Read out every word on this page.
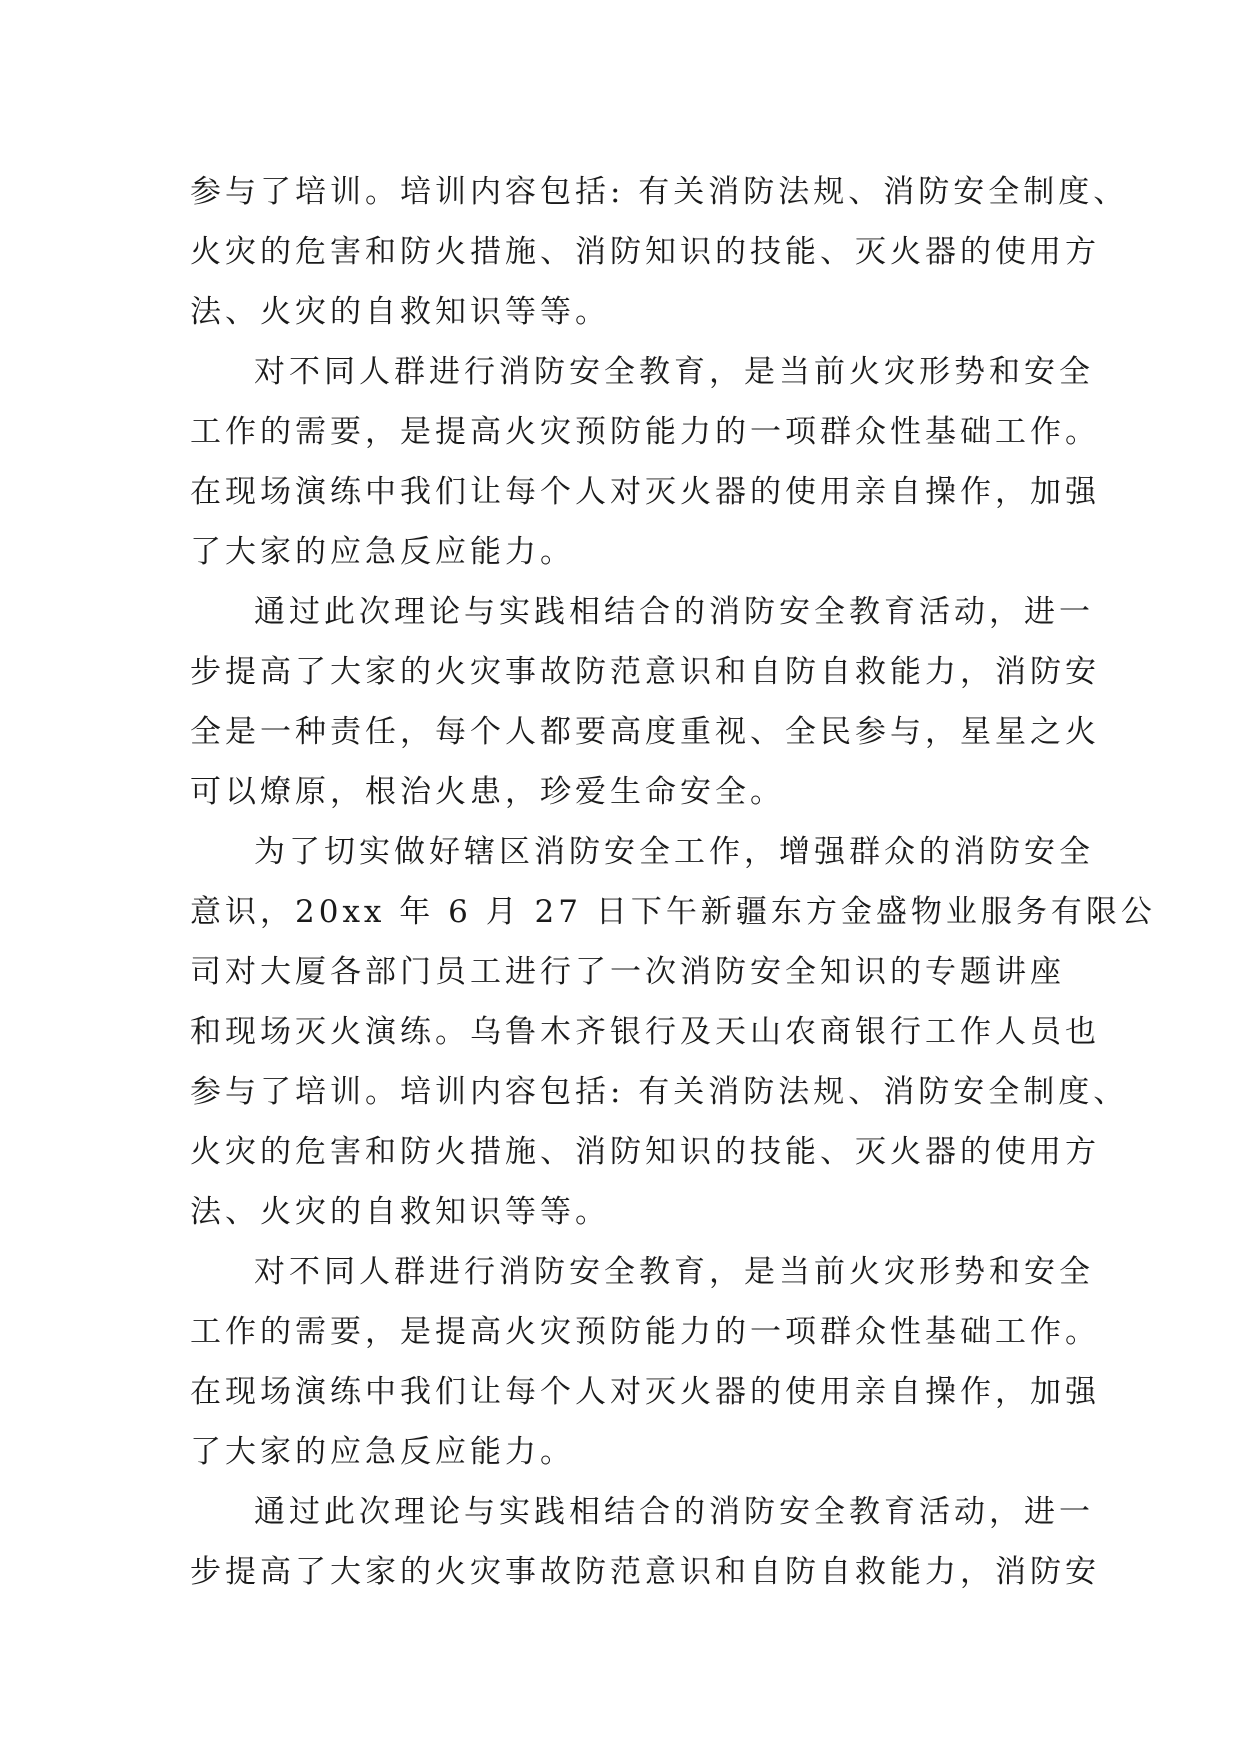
参与了培训。培训内容包括: 有关消防法规、消防安全制度、
火灾的危害和防火措施、消防知识的技能、灭火器的使用方
法、火灾的自救知识等等。
对不同人群进行消防安全教育，是当前火灾形势和安全
工作的需要，是提高火灾预防能力的一项群众性基础工作。
在现场演练中我们让每个人对灭火器的使用亲自操作，加强
了大家的应急反应能力。
通过此次理论与实践相结合的消防安全教育活动，进一
步提高了大家的火灾事故防范意识和自防自救能力，消防安
全是一种责任，每个人都要高度重视、全民参与，星星之火
可以燎原，根治火患，珍爱生命安全。
为了切实做好辖区消防安全工作，增强群众的消防安全
意识，20xx 年 6 月 27 日下午新疆东方金盛物业服务有限公
司对大厦各部门员工进行了一次消防安全知识的专题讲座
和现场灭火演练。乌鲁木齐银行及天山农商银行工作人员也
参与了培训。培训内容包括: 有关消防法规、消防安全制度、
火灾的危害和防火措施、消防知识的技能、灭火器的使用方
法、火灾的自救知识等等。
对不同人群进行消防安全教育，是当前火灾形势和安全
工作的需要，是提高火灾预防能力的一项群众性基础工作。
在现场演练中我们让每个人对灭火器的使用亲自操作，加强
了大家的应急反应能力。
通过此次理论与实践相结合的消防安全教育活动，进一
步提高了大家的火灾事故防范意识和自防自救能力，消防安
